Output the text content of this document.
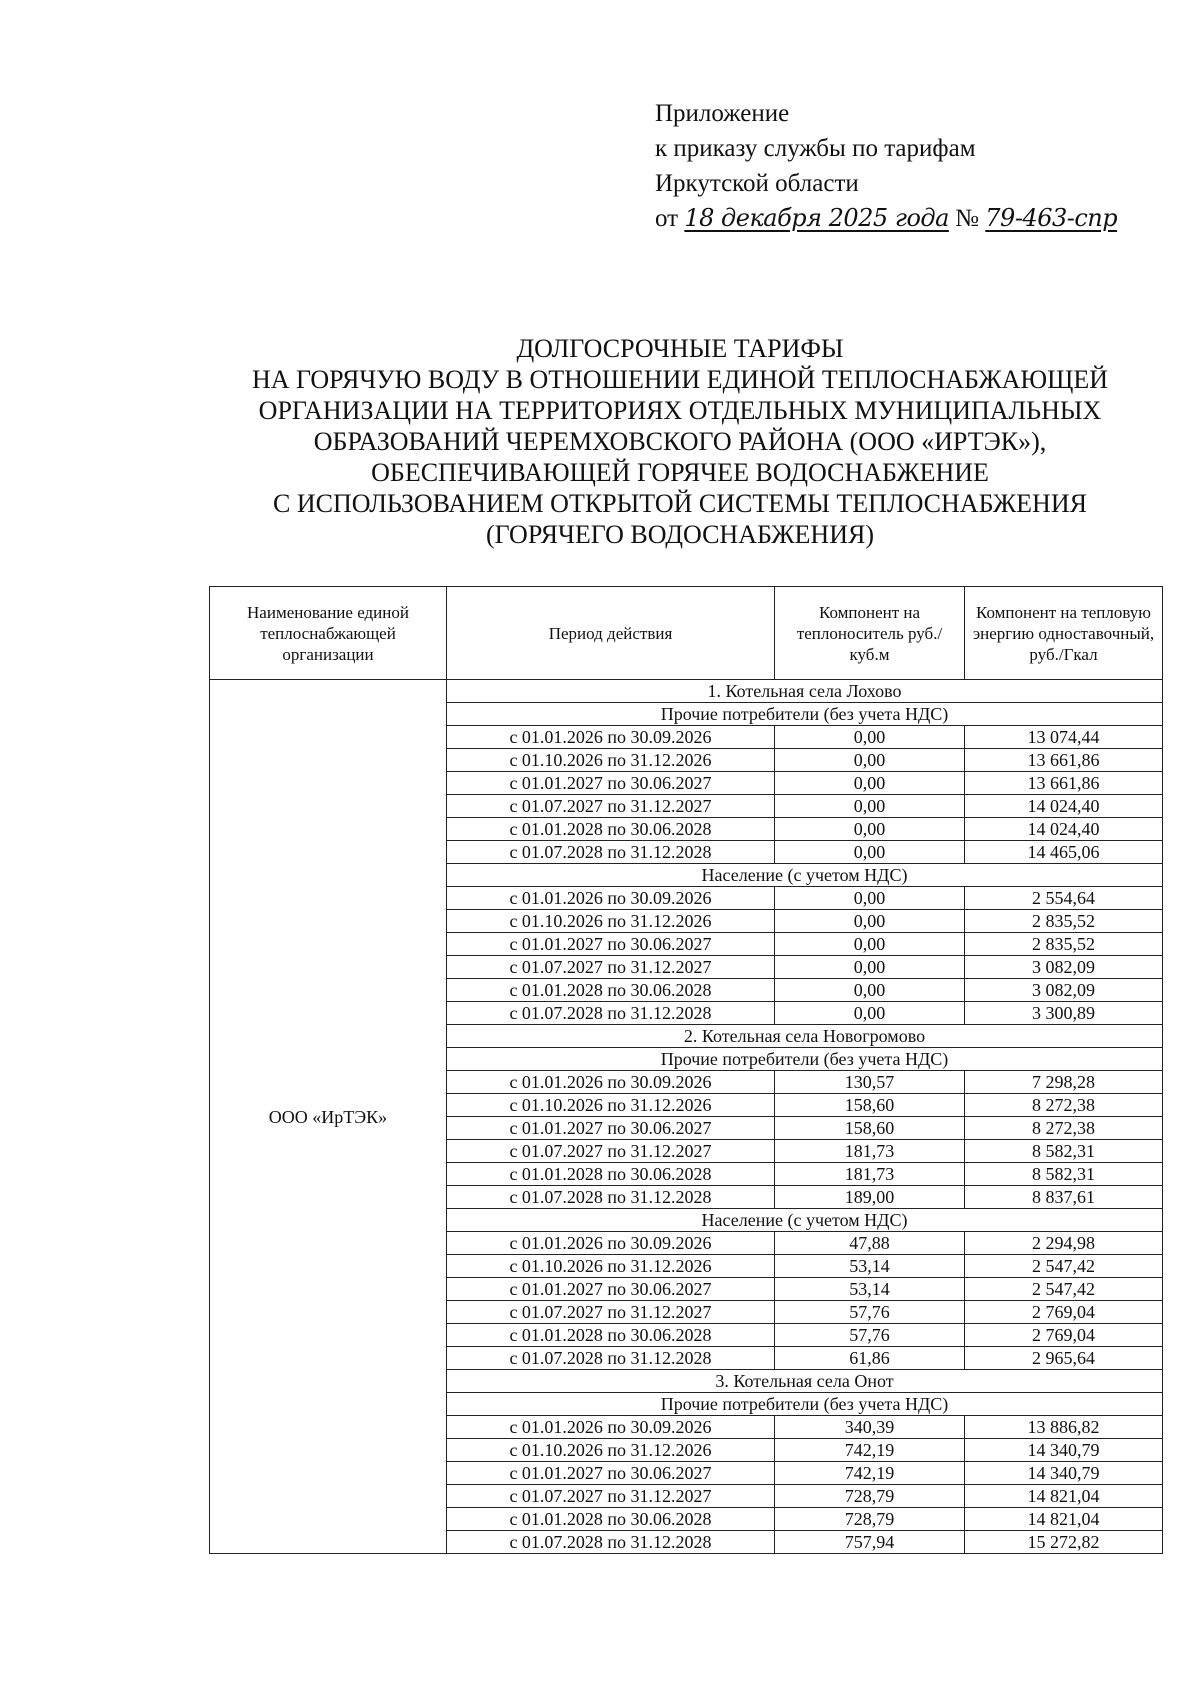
Приложение
к приказу службы по тарифам
Иркутской области
от 18 декабря 2025 года № 79-463-спр
ДОЛГОСРОЧНЫЕ ТАРИФЫ
НА ГОРЯЧУЮ ВОДУ В ОТНОШЕНИИ ЕДИНОЙ ТЕПЛОСНАБЖАЮЩЕЙ
ОРГАНИЗАЦИИ НА ТЕРРИТОРИЯХ ОТДЕЛЬНЫХ МУНИЦИПАЛЬНЫХ
ОБРАЗОВАНИЙ ЧЕРЕМХОВСКОГО РАЙОНА (ООО «ИРТЭК»),
ОБЕСПЕЧИВАЮЩЕЙ ГОРЯЧЕЕ ВОДОСНАБЖЕНИЕ
С ИСПОЛЬЗОВАНИЕМ ОТКРЫТОЙ СИСТЕМЫ ТЕПЛОСНАБЖЕНИЯ
(ГОРЯЧЕГО ВОДОСНАБЖЕНИЯ)
Наименование единой теплоснабжающей организации	Период действия	Компонент на теплоноситель руб./куб.м	Компонент на тепловую энергию одноставочный, руб./Гкал
ООО «ИрТЭК»	1. Котельная села Лохово		
	Прочие потребители (без учета НДС)		
	с 01.01.2026 по 30.09.2026	0,00	13 074,44
	с 01.10.2026 по 31.12.2026	0,00	13 661,86
	с 01.01.2027 по 30.06.2027	0,00	13 661,86
	с 01.07.2027 по 31.12.2027	0,00	14 024,40
	с 01.01.2028 по 30.06.2028	0,00	14 024,40
	с 01.07.2028 по 31.12.2028	0,00	14 465,06
	Население (с учетом НДС)		
	с 01.01.2026 по 30.09.2026	0,00	2 554,64
	с 01.10.2026 по 31.12.2026	0,00	2 835,52
	с 01.01.2027 по 30.06.2027	0,00	2 835,52
	с 01.07.2027 по 31.12.2027	0,00	3 082,09
	с 01.01.2028 по 30.06.2028	0,00	3 082,09
	с 01.07.2028 по 31.12.2028	0,00	3 300,89
	2. Котельная села Новогромово		
	Прочие потребители (без учета НДС)		
	с 01.01.2026 по 30.09.2026	130,57	7 298,28
	с 01.10.2026 по 31.12.2026	158,60	8 272,38
	с 01.01.2027 по 30.06.2027	158,60	8 272,38
	с 01.07.2027 по 31.12.2027	181,73	8 582,31
	с 01.01.2028 по 30.06.2028	181,73	8 582,31
	с 01.07.2028 по 31.12.2028	189,00	8 837,61
	Население (с учетом НДС)		
	с 01.01.2026 по 30.09.2026	47,88	2 294,98
	с 01.10.2026 по 31.12.2026	53,14	2 547,42
	с 01.01.2027 по 30.06.2027	53,14	2 547,42
	с 01.07.2027 по 31.12.2027	57,76	2 769,04
	с 01.01.2028 по 30.06.2028	57,76	2 769,04
	с 01.07.2028 по 31.12.2028	61,86	2 965,64
	3. Котельная села Онот		
	Прочие потребители (без учета НДС)		
	с 01.01.2026 по 30.09.2026	340,39	13 886,82
	с 01.10.2026 по 31.12.2026	742,19	14 340,79
	с 01.01.2027 по 30.06.2027	742,19	14 340,79
	с 01.07.2027 по 31.12.2027	728,79	14 821,04
	с 01.01.2028 по 30.06.2028	728,79	14 821,04
	с 01.07.2028 по 31.12.2028	757,94	15 272,82
